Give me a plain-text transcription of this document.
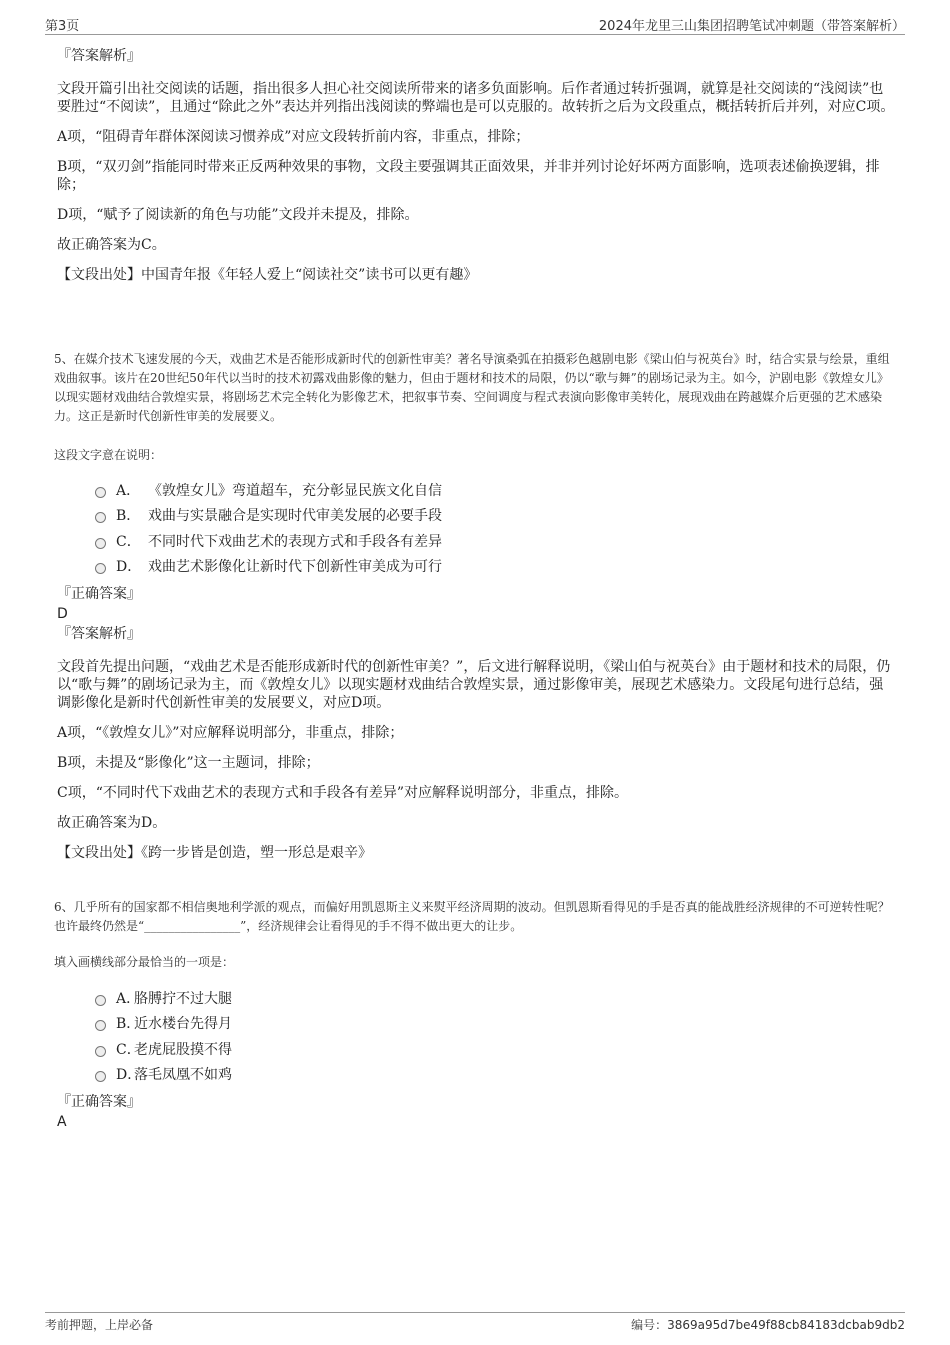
第3页	2024年龙里三山集团招聘笔试冲刺题（带答案解析）
『答案解析』

文段开篇引出社交阅读的话题，指出很多人担心社交阅读所带来的诸多负面影响。后作者通过转折强调，就算是社交阅读的“浅阅读”也要胜过“不阅读”，且通过“除此之外”表达并列指出浅阅读的弊端也是可以克服的。故转折之后为文段重点，概括转折后并列，对应C项。

A项，“阻碍青年群体深阅读习惯养成”对应文段转折前内容，非重点，排除；

B项，“双刃剑”指能同时带来正反两种效果的事物，文段主要强调其正面效果，并非并列讨论好坏两方面影响，选项表述偷换逻辑，排除；

D项，“赋予了阅读新的角色与功能”文段并未提及，排除。

故正确答案为C。

【文段出处】中国青年报《年轻人爱上“阅读社交”读书可以更有趣》

5、在媒介技术飞速发展的今天，戏曲艺术是否能形成新时代的创新性审美？著名导演桑弧在拍摄彩色越剧电影《梁山伯与祝英台》时，结合实景与绘景，重组戏曲叙事。该片在20世纪50年代以当时的技术初露戏曲影像的魅力，但由于题材和技术的局限，仍以“歌与舞”的剧场记录为主。如今，沪剧电影《敦煌女儿》以现实题材戏曲结合敦煌实景，将剧场艺术完全转化为影像艺术，把叙事节奏、空间调度与程式表演向影像审美转化，展现戏曲在跨越媒介后更强的艺术感染力。这正是新时代创新性审美的发展要义。

这段文字意在说明：

A． 《敦煌女儿》弯道超车，充分彰显民族文化自信
B． 戏曲与实景融合是实现时代审美发展的必要手段
C． 不同时代下戏曲艺术的表现方式和手段各有差异
D． 戏曲艺术影像化让新时代下创新性审美成为可行
『正确答案』
D
『答案解析』

文段首先提出问题，“戏曲艺术是否能形成新时代的创新性审美？”，后文进行解释说明，《梁山伯与祝英台》由于题材和技术的局限，仍以“歌与舞”的剧场记录为主，而《敦煌女儿》以现实题材戏曲结合敦煌实景，通过影像审美，展现艺术感染力。文段尾句进行总结，强调影像化是新时代创新性审美的发展要义，对应D项。

A项，“《敦煌女儿》”对应解释说明部分，非重点，排除；

B项，未提及“影像化”这一主题词，排除；

C项，“不同时代下戏曲艺术的表现方式和手段各有差异”对应解释说明部分，非重点，排除。

故正确答案为D。

【文段出处】《跨一步皆是创造，塑一形总是艰辛》

6、几乎所有的国家都不相信奥地利学派的观点，而偏好用凯恩斯主义来熨平经济周期的波动。但凯恩斯看得见的手是否真的能战胜经济规律的不可逆转性呢？也许最终仍然是“________________”，经济规律会让看得见的手不得不做出更大的让步。

填入画横线部分最恰当的一项是：

A．
胳膊拧不过大腿
B．
近水楼台先得月
C．
老虎屁股摸不得
D．
落毛凤凰不如鸡
『正确答案』
A
考前押题，上岸必备	编号：3869a95d7be49f88cb84183dcbab9db2
